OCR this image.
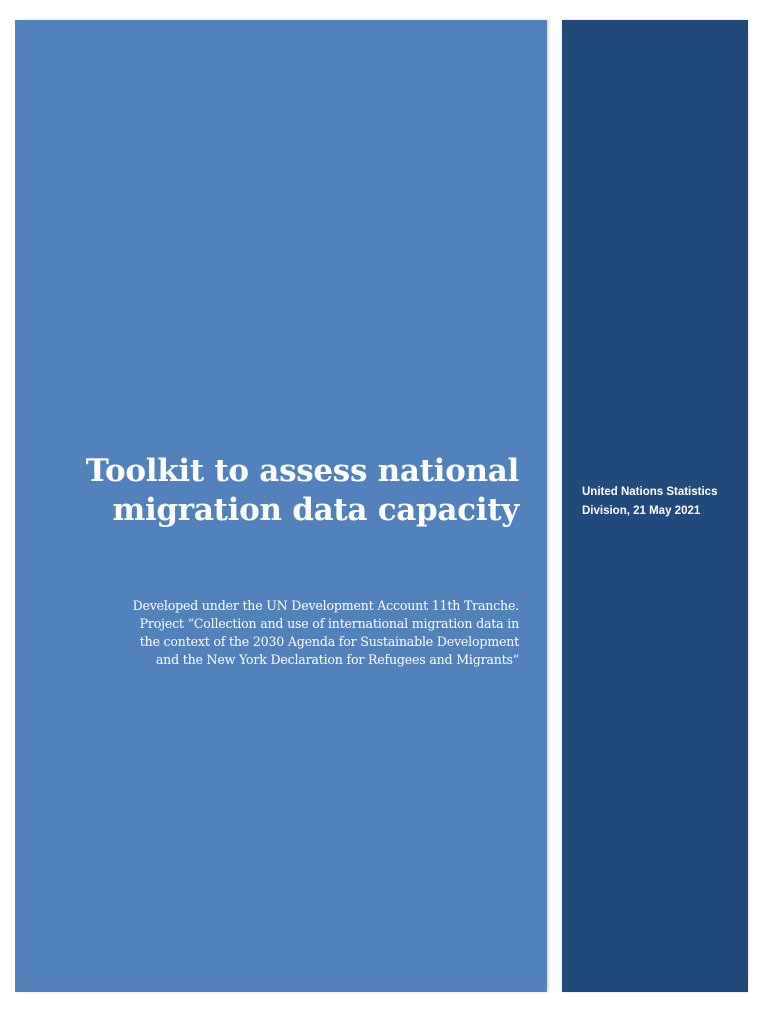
Toolkit to assess national
migration data capacity

Developed under the UN Development Account 11th Tranche.
Project “Collection and use of international migration data in
the context of the 2030 Agenda for Sustainable Development
and the New York Declaration for Refugees and Migrants”

United Nations Statistics
Division, 21 May 2021
